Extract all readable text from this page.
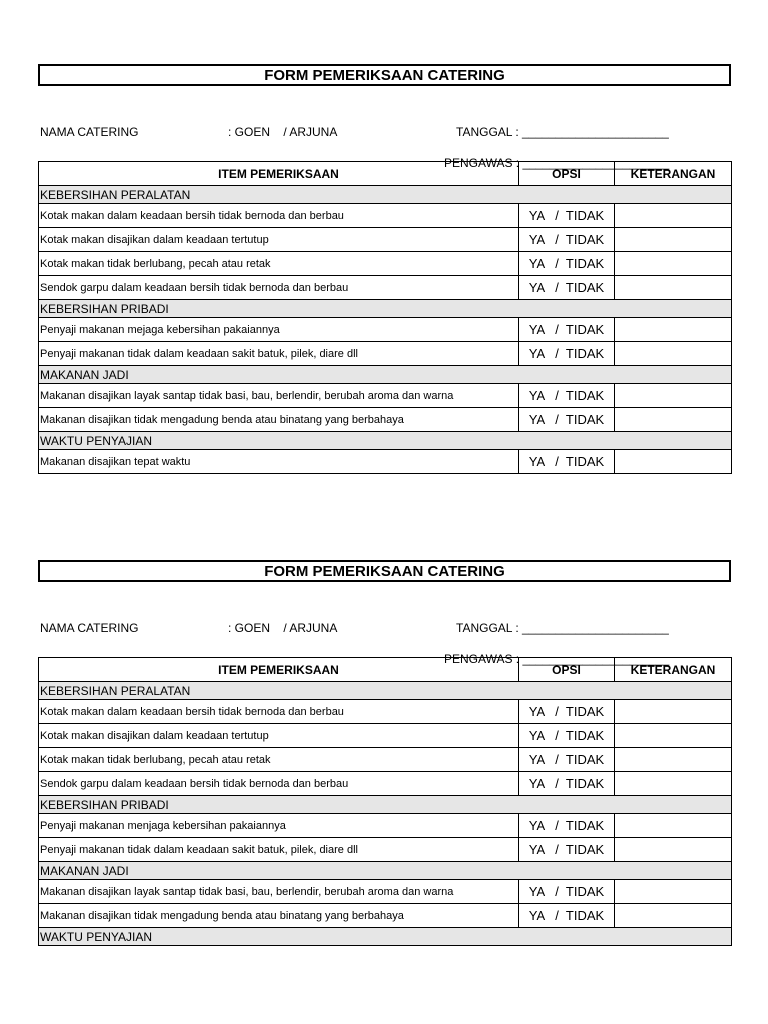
FORM PEMERIKSAAN CATERING
NAMA CATERING	: GOEN    / ARJUNA	TANGGAL : ______________________
PENGAWAS : ______________________
ITEM PEMERIKSAAN	OPSI	KETERANGAN
KEBERSIHAN PERALATAN		
Kotak makan dalam keadaan bersih tidak bernoda dan berbau	YA   /  TIDAK	
Kotak makan disajikan dalam keadaan tertutup	YA   /  TIDAK	
Kotak makan tidak berlubang, pecah atau retak	YA   /  TIDAK	
Sendok garpu dalam keadaan bersih tidak bernoda dan berbau	YA   /  TIDAK	
KEBERSIHAN PRIBADI		
Penyaji makanan mejaga kebersihan pakaiannya	YA   /  TIDAK	
Penyaji makanan tidak dalam keadaan sakit batuk, pilek, diare dll	YA   /  TIDAK	
MAKANAN JADI		
Makanan disajikan layak santap tidak basi, bau, berlendir, berubah aroma dan warna	YA   /  TIDAK	
Makanan disajikan tidak mengadung benda atau binatang yang berbahaya	YA   /  TIDAK	
WAKTU PENYAJIAN		
Makanan disajikan tepat waktu	YA   /  TIDAK	
FORM PEMERIKSAAN CATERING
NAMA CATERING	: GOEN    / ARJUNA	TANGGAL : ______________________
PENGAWAS : ______________________
ITEM PEMERIKSAAN	OPSI	KETERANGAN
KEBERSIHAN PERALATAN		
Kotak makan dalam keadaan bersih tidak bernoda dan berbau	YA   /  TIDAK	
Kotak makan disajikan dalam keadaan tertutup	YA   /  TIDAK	
Kotak makan tidak berlubang, pecah atau retak	YA   /  TIDAK	
Sendok garpu dalam keadaan bersih tidak bernoda dan berbau	YA   /  TIDAK	
KEBERSIHAN PRIBADI		
Penyaji makanan menjaga kebersihan pakaiannya	YA   /  TIDAK	
Penyaji makanan tidak dalam keadaan sakit batuk, pilek, diare dll	YA   /  TIDAK	
MAKANAN JADI		
Makanan disajikan layak santap tidak basi, bau, berlendir, berubah aroma dan warna	YA   /  TIDAK	
Makanan disajikan tidak mengadung benda atau binatang yang berbahaya	YA   /  TIDAK	
WAKTU PENYAJIAN		
